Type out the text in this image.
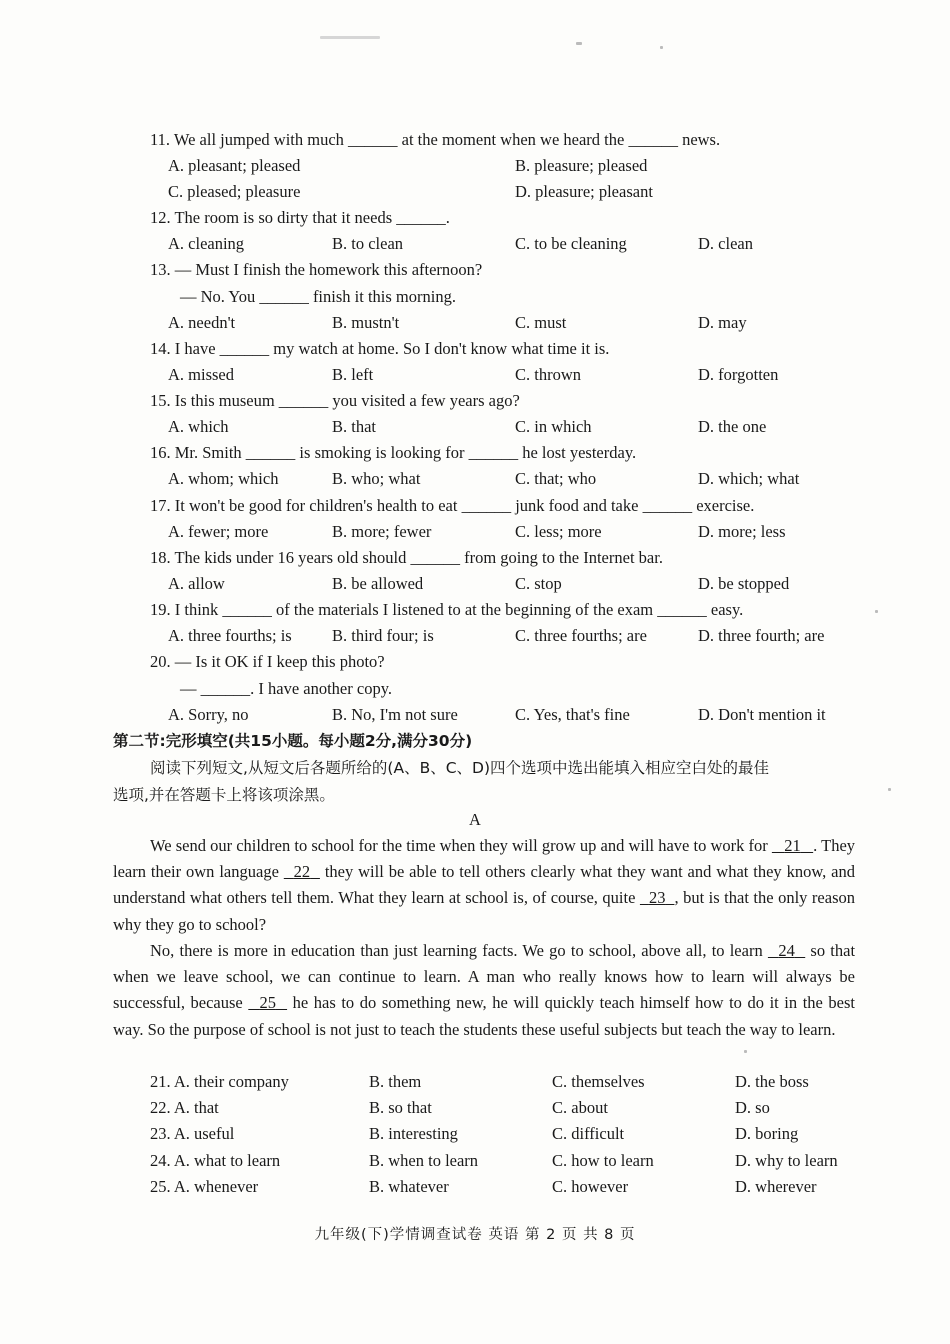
11. We all jumped with much ______ at the moment when we heard the ______ news.
A. pleasant; pleased	B. pleasure; pleased
C. pleased; pleasure	D. pleasure; pleasant
12. The room is so dirty that it needs ______.
A. cleaning	B. to clean	C. to be cleaning	D. clean
13. — Must I finish the homework this afternoon?
— No. You ______ finish it this morning.
A. needn't	B. mustn't	C. must	D. may
14. I have ______ my watch at home. So I don't know what time it is.
A. missed	B. left	C. thrown	D. forgotten
15. Is this museum ______ you visited a few years ago?
A. which	B. that	C. in which	D. the one
16. Mr. Smith ______ is smoking is looking for ______ he lost yesterday.
A. whom; which	B. who; what	C. that; who	D. which; what
17. It won't be good for children's health to eat ______ junk food and take ______ exercise.
A. fewer; more	B. more; fewer	C. less; more	D. more; less
18. The kids under 16 years old should ______ from going to the Internet bar.
A. allow	B. be allowed	C. stop	D. be stopped
19. I think ______ of the materials I listened to at the beginning of the exam ______ easy.
A. three fourths; is B. third four; is	C. three fourths; are	D. three fourth; are
20. — Is it OK if I keep this photo?
— ______. I have another copy.
A. Sorry, no	B. No, I'm not sure	C. Yes, that's fine	D. Don't mention it
第二节:完形填空(共15小题。每小题2分,满分30分)
阅读下列短文,从短文后各题所给的(A、B、C、D)四个选项中选出能填入相应空白处的最佳
选项,并在答题卡上将该项涂黑。
A
We send our children to school for the time when they will grow up and will have to work for    21 . They learn their own language   22   they will be able to tell others clearly what they want and what they know, and understand what others tell them. What they learn at school is, of course, quite   23 , but is that the only reason why they go to school?
No, there is more in education than just learning facts. We go to school, above all, to learn   24   so that when we leave school, we can continue to learn. A man who really knows how to learn will always be successful, because   25   he has to do something new, he will quickly teach himself how to do it in the best way. So the purpose of school is not just to teach the students these useful subjects but teach the way to learn.
21. A. their company	B. them	C. themselves	D. the boss
22. A. that	B. so that	C. about	D. so
23. A. useful	B. interesting	C. difficult	D. boring
24. A. what to learn	B. when to learn	C. how to learn	D. why to learn
25. A. whenever	B. whatever	C. however	D. wherever
九年级(下)学情调查试卷 英语 第 2 页 共 8 页
